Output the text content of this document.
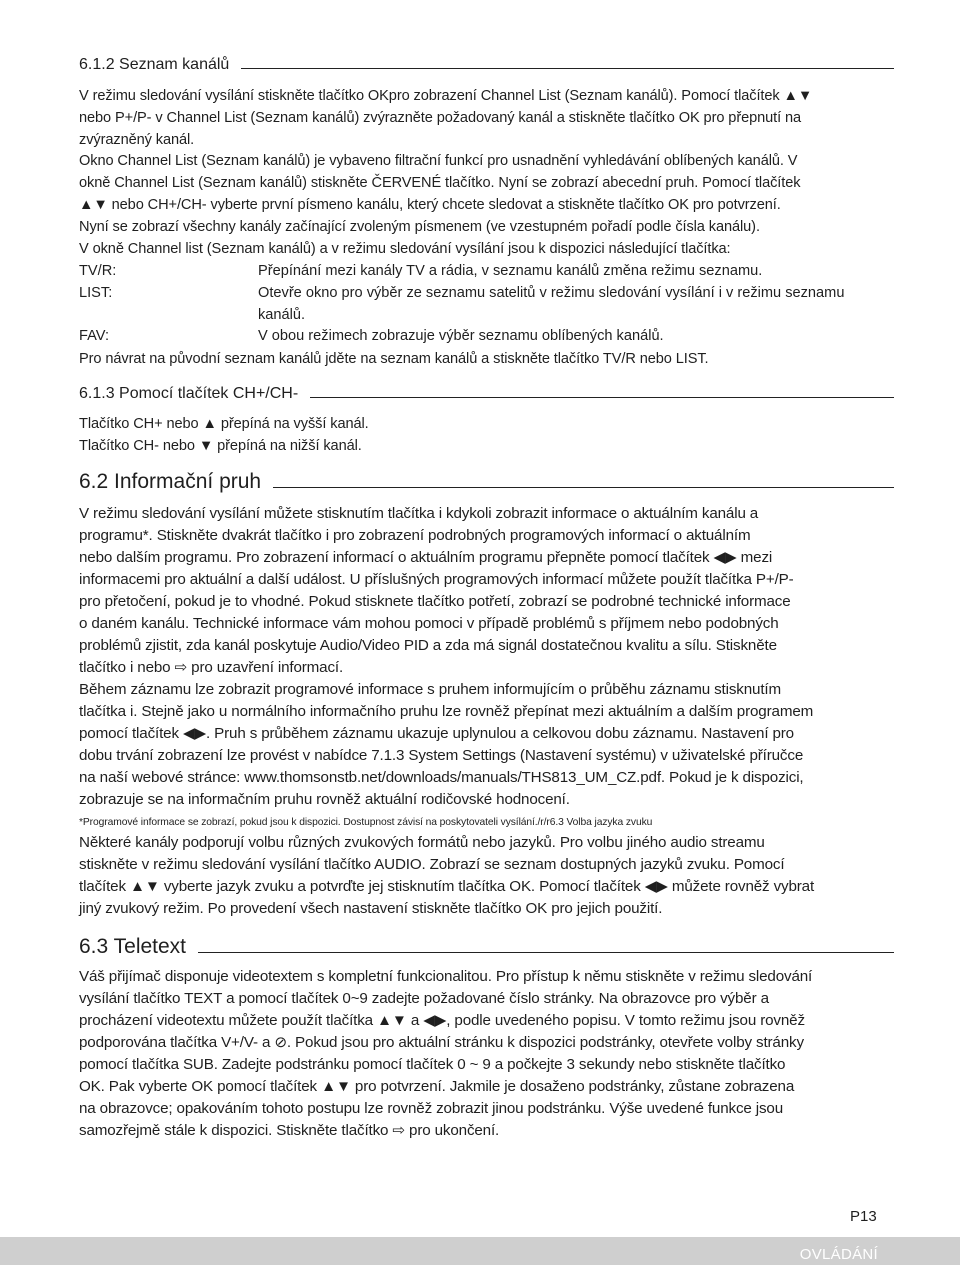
6.1.2 Seznam kanálů
V režimu sledování vysílání stiskněte tlačítko OKpro zobrazení Channel List (Seznam kanálů). Pomocí tlačítek ▲▼
nebo P+/P- v Channel List (Seznam kanálů) zvýrazněte požadovaný kanál a stiskněte tlačítko OK pro přepnutí na
zvýrazněný kanál.
Okno Channel List (Seznam kanálů) je vybaveno filtrační funkcí pro usnadnění vyhledávání oblíbených kanálů. V
okně Channel List (Seznam kanálů) stiskněte ČERVENÉ tlačítko. Nyní se zobrazí abecední pruh. Pomocí tlačítek
▲▼ nebo CH+/CH- vyberte první písmeno kanálu, který chcete sledovat a stiskněte tlačítko OK pro potvrzení.
Nyní se zobrazí všechny kanály začínající zvoleným písmenem (ve vzestupném pořadí podle čísla kanálu).
V okně Channel list (Seznam kanálů) a v režimu sledování vysílání jsou k dispozici následující tlačítka:
TV/R:	Přepínání mezi kanály TV a rádia, v seznamu kanálů změna režimu seznamu.
LIST:	Otevře okno pro výběr ze seznamu satelitů v režimu sledování vysílání i v režimu seznamu kanálů.
FAV:	V obou režimech zobrazuje výběr seznamu oblíbených kanálů.
Pro návrat na původní seznam kanálů jděte na seznam kanálů a stiskněte tlačítko TV/R nebo LIST.
6.1.3 Pomocí tlačítek CH+/CH-
Tlačítko CH+ nebo ▲ přepíná na vyšší kanál.
Tlačítko CH- nebo ▼ přepíná na nižší kanál.
6.2 Informační pruh
V režimu sledování vysílání můžete stisknutím tlačítka i kdykoli zobrazit informace o aktuálním kanálu a
programu*. Stiskněte dvakrát tlačítko i pro zobrazení podrobných programových informací o aktuálním
nebo dalším programu. Pro zobrazení informací o aktuálním programu přepněte pomocí tlačítek ◀▶ mezi
informacemi pro aktuální a další událost. U příslušných programových informací můžete použít tlačítka P+/P-
pro přetočení, pokud je to vhodné. Pokud stisknete tlačítko potřetí, zobrazí se podrobné technické informace
o daném kanálu. Technické informace vám mohou pomoci v případě problémů s příjmem nebo podobných
problémů zjistit, zda kanál poskytuje Audio/Video PID a zda má signál dostatečnou kvalitu a sílu. Stiskněte
tlačítko i nebo ⇨ pro uzavření informací.
Během záznamu lze zobrazit programové informace s pruhem informujícím o průběhu záznamu stisknutím
tlačítka i. Stejně jako u normálního informačního pruhu lze rovněž přepínat mezi aktuálním a dalším programem
pomocí tlačítek ◀▶. Pruh s průběhem záznamu ukazuje uplynulou a celkovou dobu záznamu. Nastavení pro
dobu trvání zobrazení lze provést v nabídce 7.1.3 System Settings (Nastavení systému) v uživatelské příručce
na naší webové stránce: www.thomsonstb.net/downloads/manuals/THS813_UM_CZ.pdf. Pokud je k dispozici,
zobrazuje se na informačním pruhu rovněž aktuální rodičovské hodnocení.
*Programové informace se zobrazí, pokud jsou k dispozici. Dostupnost závisí na poskytovateli vysílání./r/r6.3 Volba jazyka zvuku
Některé kanály podporují volbu různých zvukových formátů nebo jazyků. Pro volbu jiného audio streamu
stiskněte v režimu sledování vysílání tlačítko AUDIO. Zobrazí se seznam dostupných jazyků zvuku. Pomocí
tlačítek ▲▼ vyberte jazyk zvuku a potvrďte jej stisknutím tlačítka OK. Pomocí tlačítek ◀▶ můžete rovněž vybrat
jiný zvukový režim. Po provedení všech nastavení stiskněte tlačítko OK pro jejich použití.
6.3 Teletext
Váš přijímač disponuje videotextem s kompletní funkcionalitou. Pro přístup k němu stiskněte v režimu sledování
vysílání tlačítko TEXT a pomocí tlačítek 0~9 zadejte požadované číslo stránky. Na obrazovce pro výběr a
procházení videotextu můžete použít tlačítka ▲▼ a ◀▶, podle uvedeného popisu. V tomto režimu jsou rovněž
podporována tlačítka V+/V- a ⊘. Pokud jsou pro aktuální stránku k dispozici podstránky, otevřete volby stránky
pomocí tlačítka SUB. Zadejte podstránku pomocí tlačítek 0 ~ 9 a počkejte 3 sekundy nebo stiskněte tlačítko
OK. Pak vyberte OK pomocí tlačítek ▲▼ pro potvrzení. Jakmile je dosaženo podstránky, zůstane zobrazena
na obrazovce; opakováním tohoto postupu lze rovněž zobrazit jinou podstránku. Výše uvedené funkce jsou
samozřejmě stále k dispozici. Stiskněte tlačítko ⇨ pro ukončení.
P13
OVLÁDÁNÍ
